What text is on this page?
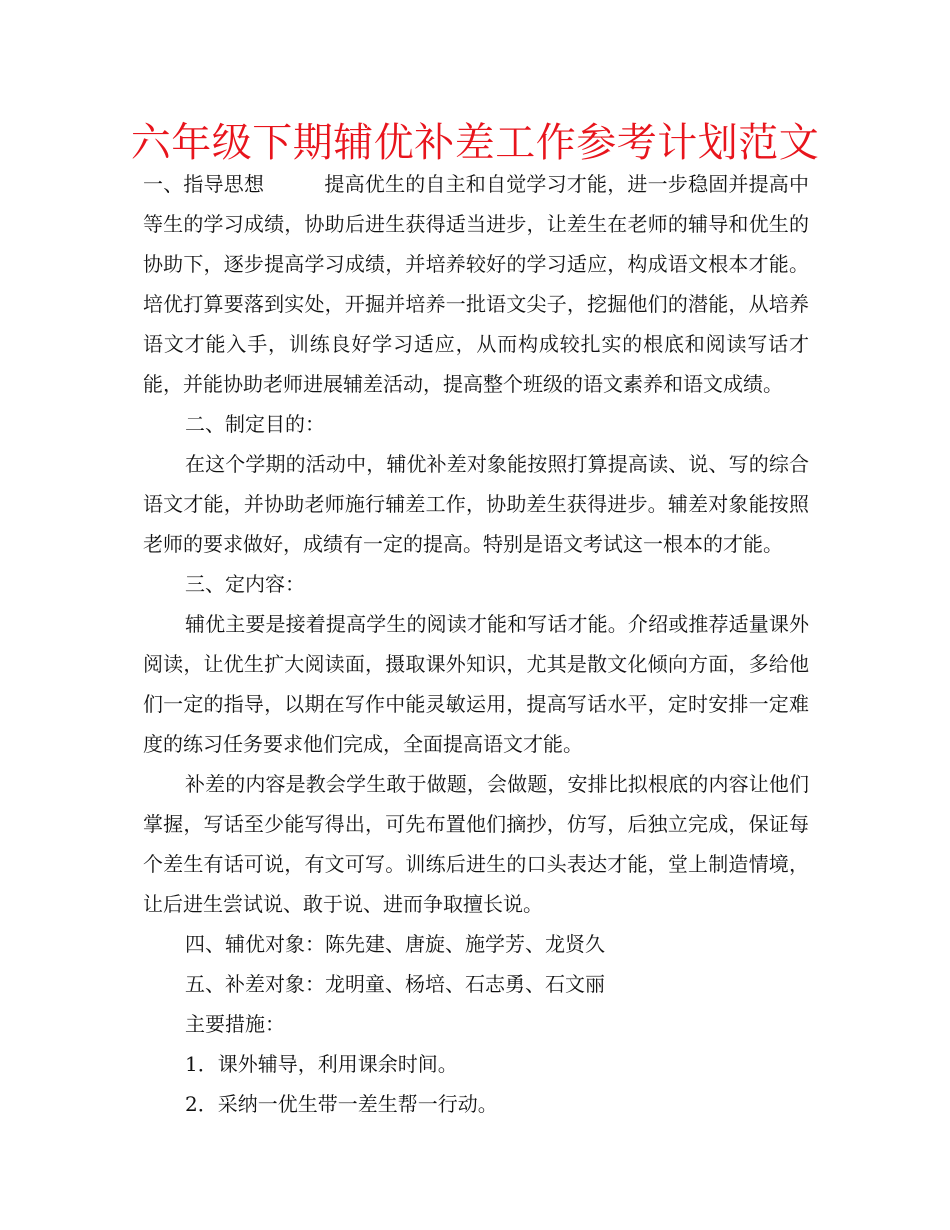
六年级下期辅优补差工作参考计划范文

一、指导思想	提高优生的自主和自觉学习才能，进一步稳固并提高中等生的学习成绩，协助后进生获得适当进步，让差生在老师的辅导和优生的协助下，逐步提高学习成绩，并培养较好的学习适应，构成语文根本才能。培优打算要落到实处，开掘并培养一批语文尖子，挖掘他们的潜能，从培养语文才能入手，训练良好学习适应，从而构成较扎实的根底和阅读写话才能，并能协助老师进展辅差活动，提高整个班级的语文素养和语文成绩。

二、制定目的：

在这个学期的活动中，辅优补差对象能按照打算提高读、说、写的综合语文才能，并协助老师施行辅差工作，协助差生获得进步。辅差对象能按照老师的要求做好，成绩有一定的提高。特别是语文考试这一根本的才能。

三、定内容：

辅优主要是接着提高学生的阅读才能和写话才能。介绍或推荐适量课外阅读，让优生扩大阅读面，摄取课外知识，尤其是散文化倾向方面，多给他们一定的指导，以期在写作中能灵敏运用，提高写话水平，定时安排一定难度的练习任务要求他们完成，全面提高语文才能。

补差的内容是教会学生敢于做题，会做题，安排比拟根底的内容让他们掌握，写话至少能写得出，可先布置他们摘抄，仿写，后独立完成，保证每个差生有话可说，有文可写。训练后进生的口头表达才能，堂上制造情境，让后进生尝试说、敢于说、进而争取擅长说。

四、辅优对象：陈先建、唐旋、施学芳、龙贤久

五、补差对象：龙明童、杨培、石志勇、石文丽

主要措施：

1．课外辅导，利用课余时间。

2．采纳一优生带一差生帮一行动。
